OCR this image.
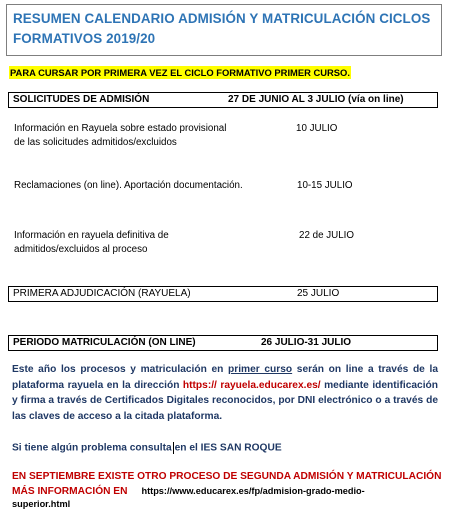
RESUMEN CALENDARIO ADMISIÓN Y MATRICULACIÓN CICLOS
FORMATIVOS 2019/20
PARA CURSAR POR PRIMERA VEZ EL CICLO FORMATIVO PRIMER CURSO.
SOLICITUDES DE ADMISIÓN	27 DE JUNIO AL 3 JULIO (vía on line)
Información en Rayuela sobre estado provisional
de las solicitudes admitidos/excluidos
10 JULIO
Reclamaciones (on line). Aportación documentación.	10-15 JULIO
Información en rayuela definitiva de
admitidos/excluidos al proceso
22 de JULIO
PRIMERA ADJUDICACIÓN (RAYUELA)	25 JULIO
PERIODO MATRICULACIÓN (ON LINE)	26 JULIO-31 JULIO
Este año los procesos y matriculación en primer curso serán on line a través de la plataforma rayuela en la dirección https:// rayuela.educarex.es/ mediante identificación y firma a través de Certificados Digitales reconocidos, por DNI electrónico o a través de las claves de acceso a la citada plataforma.
Si tiene algún problema consulta en el IES SAN ROQUE
EN SEPTIEMBRE EXISTE OTRO PROCESO DE SEGUNDA ADMISIÓN Y MATRICULACIÓN
MÁS INFORMACIÓN EN https://www.educarex.es/fp/admision-grado-medio-
superior.html
